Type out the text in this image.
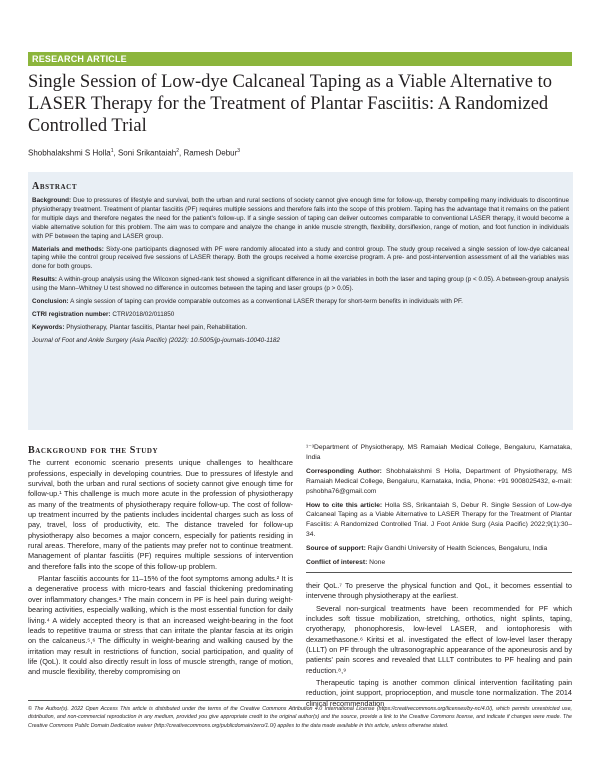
RESEARCH ARTICLE
Single Session of Low-dye Calcaneal Taping as a Viable Alternative to LASER Therapy for the Treatment of Plantar Fasciitis: A Randomized Controlled Trial
Shobhalakshmi S Holla$^1$, Soni Srikantaiah$^2$, Ramesh Debur$^3$
Abstract

Background: Due to pressures of lifestyle and survival, both the urban and rural sections of society cannot give enough time for follow-up, thereby compelling many individuals to discontinue physiotherapy treatment. Treatment of plantar fasciitis (PF) requires multiple sessions and therefore falls into the scope of this problem. Taping has the advantage that it remains on the patient for multiple days and therefore negates the need for the patient's follow-up. If a single session of taping can deliver outcomes comparable to conventional LASER therapy, it would become a viable alternative solution for this problem. The aim was to compare and analyze the change in ankle muscle strength, flexibility, dorsiflexion, range of motion, and foot function in individuals with PF between the taping and LASER group.

Materials and methods: Sixty-one participants diagnosed with PF were randomly allocated into a study and control group. The study group received a single session of low-dye calcaneal taping while the control group received five sessions of LASER therapy. Both the groups received a home exercise program. A pre- and post-intervention assessment of all the variables was done for both groups.

Results: A within-group analysis using the Wilcoxon signed-rank test showed a significant difference in all the variables in both the laser and taping group (p < 0.05). A between-group analysis using the Mann–Whitney U test showed no difference in outcomes between the taping and laser groups (p > 0.05).

Conclusion: A single session of taping can provide comparable outcomes as a conventional LASER therapy for short-term benefits in individuals with PF.

CTRI registration number: CTRI/2018/02/011850

Keywords: Physiotherapy, Plantar fasciitis, Plantar heel pain, Rehabilitation.

Journal of Foot and Ankle Surgery (Asia Pacific) (2022): 10.5005/jp-journals-10040-1182

Background for the Study

The current economic scenario presents unique challenges to healthcare professions, especially in developing countries. Due to pressures of lifestyle and survival, both the urban and rural sections of society cannot give enough time for follow-up.¹ This challenge is much more acute in the profession of physiotherapy as many of the treatments of physiotherapy require follow-up. The cost of follow-up treatment incurred by the patients includes incidental charges such as loss of pay, travel, loss of productivity, etc. The distance traveled for follow-up physiotherapy also becomes a major concern, especially for patients residing in rural areas. Therefore, many of the patients may prefer not to continue treatment. Management of plantar fasciitis (PF) requires multiple sessions of intervention and therefore falls into the scope of this follow-up problem.

Plantar fasciitis accounts for 11–15% of the foot symptoms among adults.² It is a degenerative process with micro-tears and fascial thickening predominating over inflammatory changes.³ The main concern in PF is heel pain during weight-bearing activities, especially walking, which is the most essential function for daily living.⁴ A widely accepted theory is that an increased weight-bearing in the foot leads to repetitive trauma or stress that can irritate the plantar fascia at its origin on the calcaneus.⁵,⁶ The difficulty in weight-bearing and walking caused by the irritation may result in restrictions of function, social participation, and quality of life (QoL). It could also directly result in loss of muscle strength, range of motion, and muscle flexibility, thereby compromising on

¹⁻³Department of Physiotherapy, MS Ramaiah Medical College, Bengaluru, Karnataka, India

Corresponding Author: Shobhalakshmi S Holla, Department of Physiotherapy, MS Ramaiah Medical College, Bengaluru, Karnataka, India, Phone: +91 9008025432, e-mail: pshobha76@gmail.com

How to cite this article: Holla SS, Srikantaiah S, Debur R. Single Session of Low-dye Calcaneal Taping as a Viable Alternative to LASER Therapy for the Treatment of Plantar Fasciitis: A Randomized Controlled Trial. J Foot Ankle Surg (Asia Pacific) 2022;9(1):30–34.

Source of support: Rajiv Gandhi University of Health Sciences, Bengaluru, India

Conflict of interest: None

their QoL.⁷ To preserve the physical function and QoL, it becomes essential to intervene through physiotherapy at the earliest.

Several non-surgical treatments have been recommended for PF which includes soft tissue mobilization, stretching, orthotics, night splints, taping, cryotherapy, phonophoresis, low-level LASER, and iontophoresis with dexamethasone.⁶ Kiritsi et al. investigated the effect of low-level laser therapy (LLLT) on PF through the ultrasonographic appearance of the aponeurosis and by patients' pain scores and revealed that LLLT contributes to PF healing and pain reduction.⁸,⁹

Therapeutic taping is another common clinical intervention facilitating pain reduction, joint support, proprioception, and muscle tone normalization. The 2014 clinical recommendation

© The Author(s). 2022 Open Access This article is distributed under the terms of the Creative Commons Attribution 4.0 International License (https://creativecommons.org/licenses/by-nc/4.0/), which permits unrestricted use, distribution, and non-commercial reproduction in any medium, provided you give appropriate credit to the original author(s) and the source, provide a link to the Creative Commons license, and indicate if changes were made. The Creative Commons Public Domain Dedication waiver (http://creativecommons.org/publicdomain/zero/1.0/) applies to the data made available in this article, unless otherwise stated.
